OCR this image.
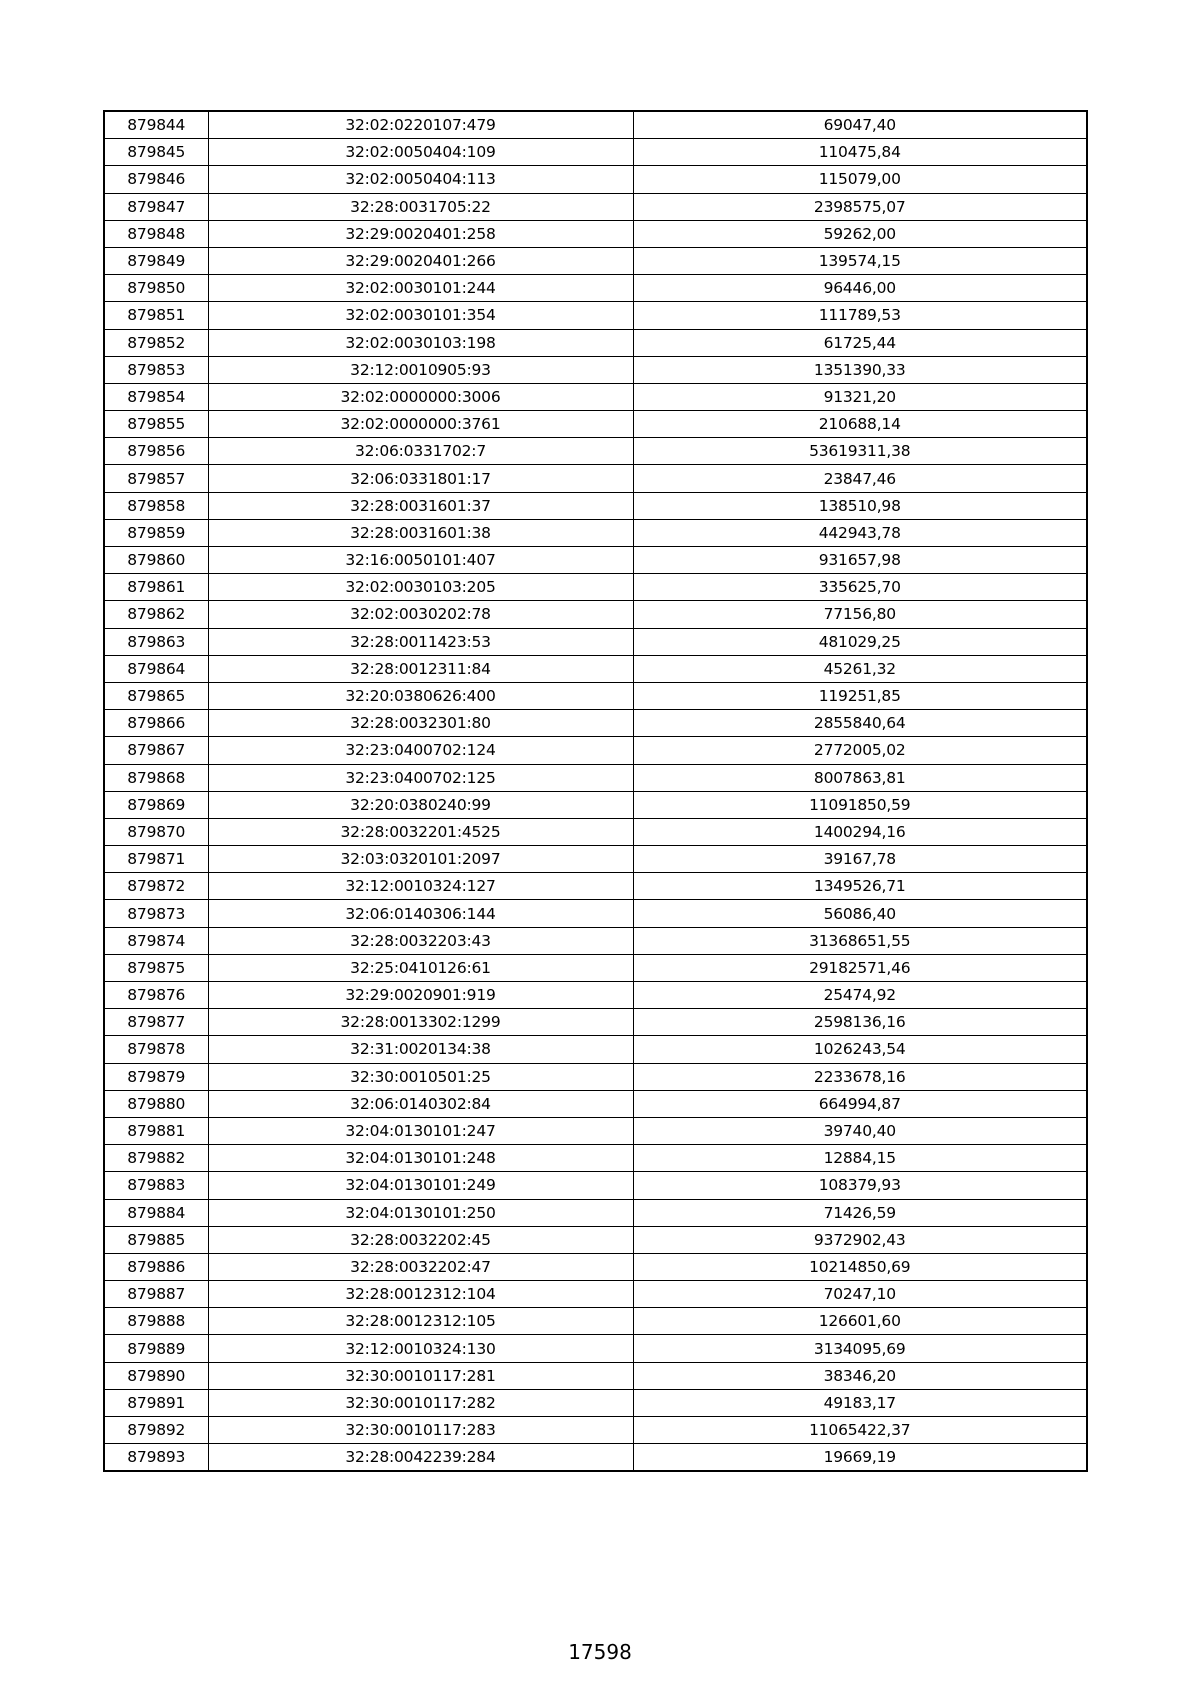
879844	32:02:0220107:479	69047,40
879845	32:02:0050404:109	110475,84
879846	32:02:0050404:113	115079,00
879847	32:28:0031705:22	2398575,07
879848	32:29:0020401:258	59262,00
879849	32:29:0020401:266	139574,15
879850	32:02:0030101:244	96446,00
879851	32:02:0030101:354	111789,53
879852	32:02:0030103:198	61725,44
879853	32:12:0010905:93	1351390,33
879854	32:02:0000000:3006	91321,20
879855	32:02:0000000:3761	210688,14
879856	32:06:0331702:7	53619311,38
879857	32:06:0331801:17	23847,46
879858	32:28:0031601:37	138510,98
879859	32:28:0031601:38	442943,78
879860	32:16:0050101:407	931657,98
879861	32:02:0030103:205	335625,70
879862	32:02:0030202:78	77156,80
879863	32:28:0011423:53	481029,25
879864	32:28:0012311:84	45261,32
879865	32:20:0380626:400	119251,85
879866	32:28:0032301:80	2855840,64
879867	32:23:0400702:124	2772005,02
879868	32:23:0400702:125	8007863,81
879869	32:20:0380240:99	11091850,59
879870	32:28:0032201:4525	1400294,16
879871	32:03:0320101:2097	39167,78
879872	32:12:0010324:127	1349526,71
879873	32:06:0140306:144	56086,40
879874	32:28:0032203:43	31368651,55
879875	32:25:0410126:61	29182571,46
879876	32:29:0020901:919	25474,92
879877	32:28:0013302:1299	2598136,16
879878	32:31:0020134:38	1026243,54
879879	32:30:0010501:25	2233678,16
879880	32:06:0140302:84	664994,87
879881	32:04:0130101:247	39740,40
879882	32:04:0130101:248	12884,15
879883	32:04:0130101:249	108379,93
879884	32:04:0130101:250	71426,59
879885	32:28:0032202:45	9372902,43
879886	32:28:0032202:47	10214850,69
879887	32:28:0012312:104	70247,10
879888	32:28:0012312:105	126601,60
879889	32:12:0010324:130	3134095,69
879890	32:30:0010117:281	38346,20
879891	32:30:0010117:282	49183,17
879892	32:30:0010117:283	11065422,37
879893	32:28:0042239:284	19669,19
17598
